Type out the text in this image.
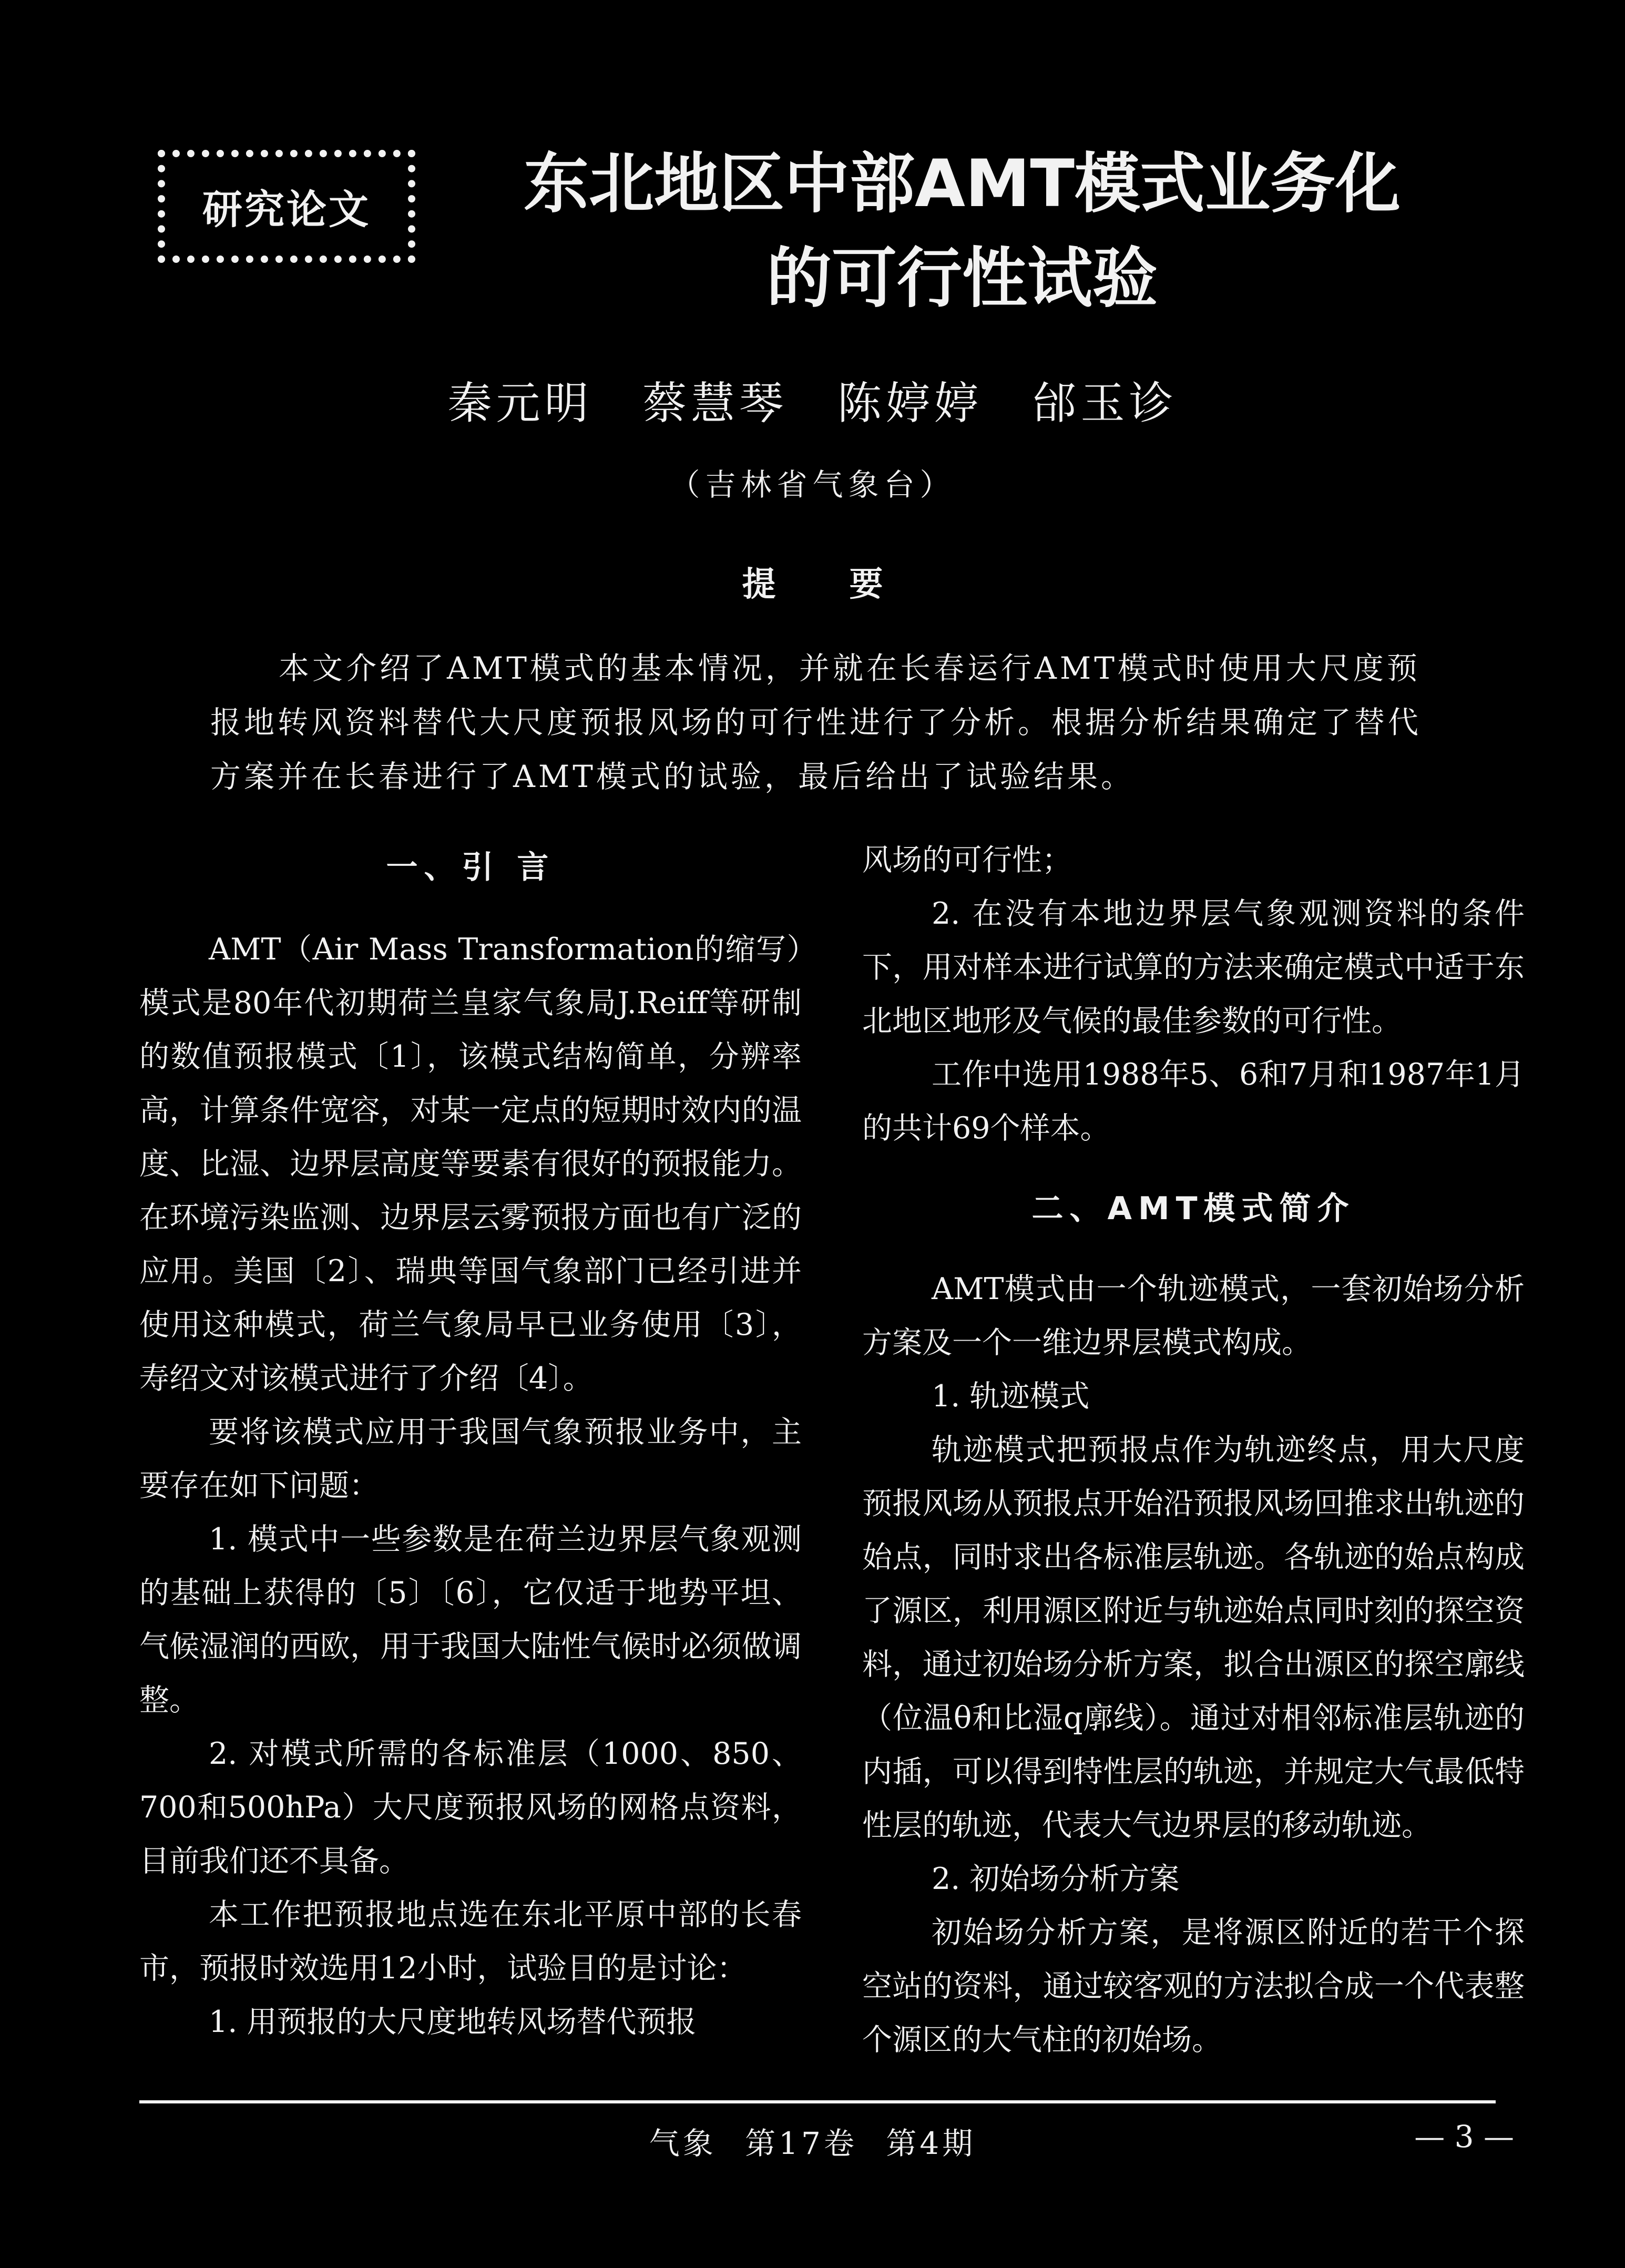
研究论文	东北地区中部AMT模式业务化
的可行性试验
秦元明 蔡慧琴 陈婷婷 邰玉诊
（吉林省气象台）
提要

本文介绍了AMT模式的基本情况，并就在长春运行AMT模式时使用大尺度预报地转风资料替代大尺度预报风场的可行性进行了分析。根据分析结果确定了替代方案并在长春进行了AMT模式的试验，最后给出了试验结果。

一、引 言

AMT（Air Mass Transformation的缩写）模式是80年代初期荷兰皇家气象局J.Reiff等研制的数值预报模式〔1〕，该模式结构简单，分辨率高，计算条件宽容，对某一定点的短期时效内的温度、比湿、边界层高度等要素有很好的预报能力。在环境污染监测、边界层云雾预报方面也有广泛的应用。美国〔2〕、瑞典等国气象部门已经引进并使用这种模式，荷兰气象局早已业务使用〔3〕，寿绍文对该模式进行了介绍〔4〕。

要将该模式应用于我国气象预报业务中，主要存在如下问题：

1. 模式中一些参数是在荷兰边界层气象观测的基础上获得的〔5〕〔6〕，它仅适于地势平坦、气候湿润的西欧，用于我国大陆性气候时必须做调整。

2. 对模式所需的各标准层（1000、850、700和500hPa）大尺度预报风场的网格点资料，目前我们还不具备。

本工作把预报地点选在东北平原中部的长春市，预报时效选用12小时，试验目的是讨论：

1. 用预报的大尺度地转风场替代预报

风场的可行性；

2. 在没有本地边界层气象观测资料的条件下，用对样本进行试算的方法来确定模式中适于东北地区地形及气候的最佳参数的可行性。

工作中选用1988年5、6和7月和1987年1月的共计69个样本。

二、AMT模式简介

AMT模式由一个轨迹模式，一套初始场分析方案及一个一维边界层模式构成。

1. 轨迹模式

轨迹模式把预报点作为轨迹终点，用大尺度预报风场从预报点开始沿预报风场回推求出轨迹的始点，同时求出各标准层轨迹。各轨迹的始点构成了源区，利用源区附近与轨迹始点同时刻的探空资料，通过初始场分析方案，拟合出源区的探空廓线（位温θ和比湿q廓线）。通过对相邻标准层轨迹的内插，可以得到特性层的轨迹，并规定大气最低特性层的轨迹，代表大气边界层的移动轨迹。

2. 初始场分析方案

初始场分析方案，是将源区附近的若干个探空站的资料，通过较客观的方法拟合成一个代表整个源区的大气柱的初始场。

气象 第17卷 第4期	— 3 —
